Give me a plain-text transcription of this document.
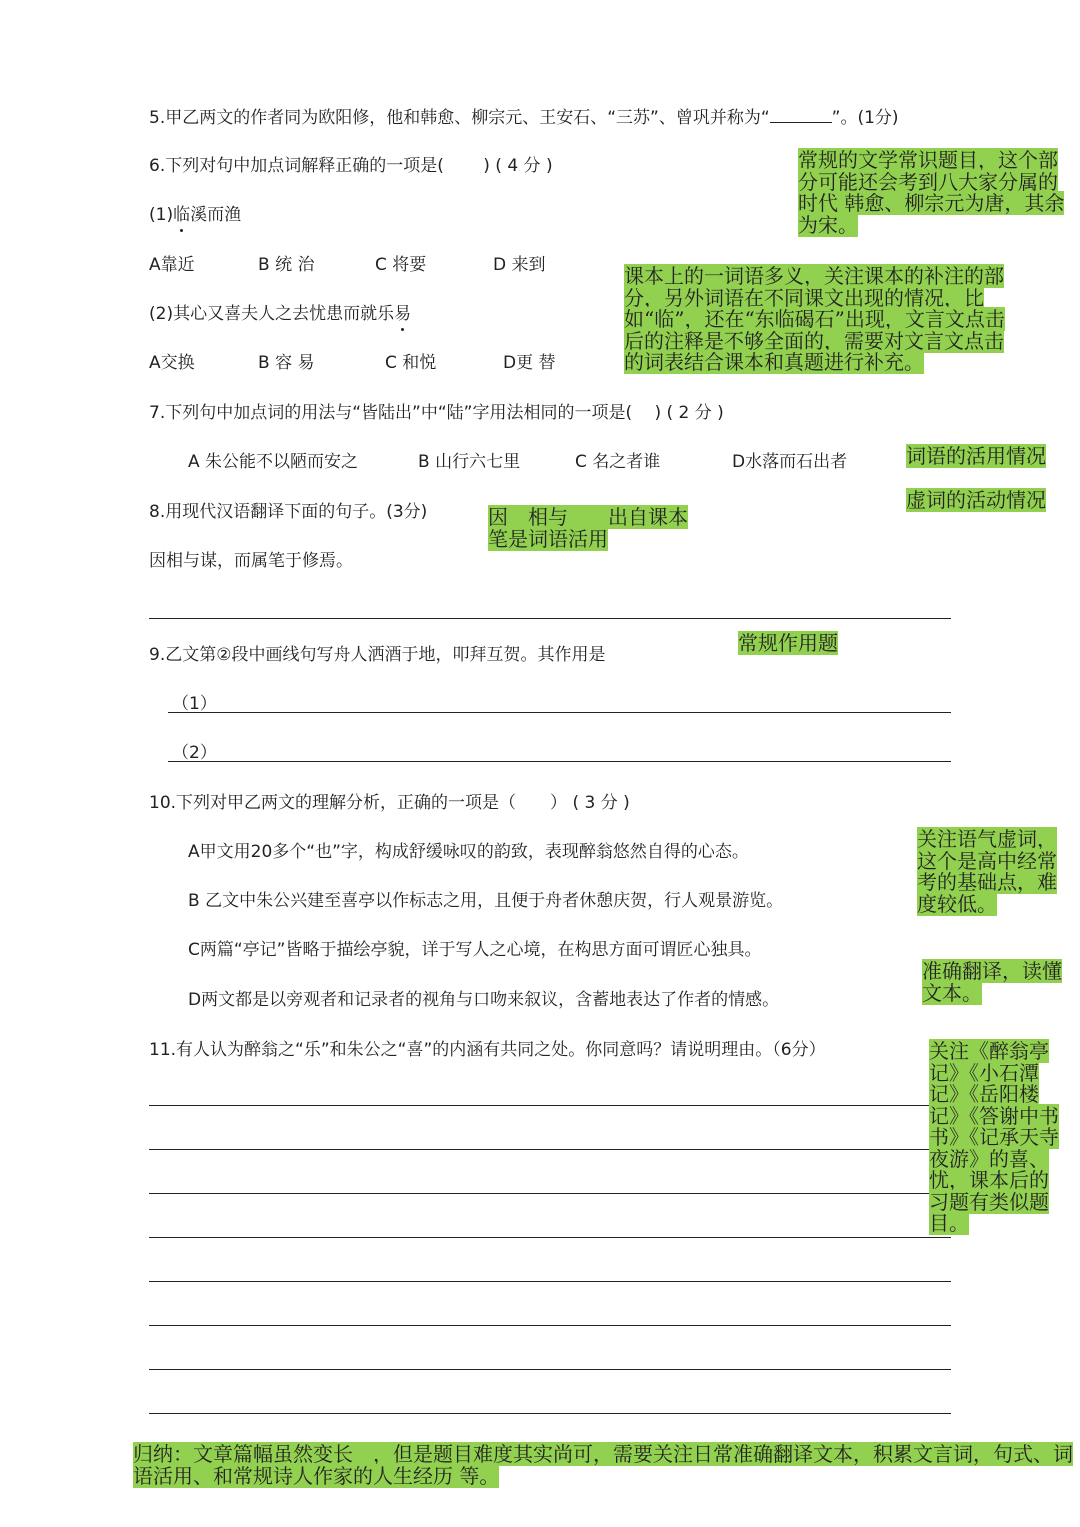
5.甲乙两文的作者同为欧阳修，他和韩愈、柳宗元、王安石、“三苏”、曾巩并称为“	”。(1分)
6.下列对句中加点词解释正确的一项是(　　 ) ( 4 分 )
(1)临溪而渔
A靠近	B 统 治	C 将要	D 来到
(2)其心又喜夫人之去忧患而就乐易
A交换	B 容 易	C 和悦	D更 替
7.下列句中加点词的用法与“皆陆出”中“陆”字用法相同的一项是(　 ) ( 2 分 )
A 朱公能不以陋而安之	B 山行六七里	C 名之者谁	D水落而石出者
8.用现代汉语翻译下面的句子。(3分)
因相与谋，而属笔于修焉。
9.乙文第②段中画线句写舟人洒酒于地，叩拜互贺。其作用是
（1）
（2）
10.下列对甲乙两文的理解分析，正确的一项是（　　） ( 3 分 )
A甲文用20多个“也”字，构成舒缓咏叹的韵致，表现醉翁悠然自得的心态。
B 乙文中朱公兴建至喜亭以作标志之用，且便于舟者休憩庆贺，行人观景游览。
C两篇“亭记”皆略于描绘亭貌，详于写人之心境，在构思方面可谓匠心独具。
D两文都是以旁观者和记录者的视角与口吻来叙议，含蓄地表达了作者的情感。
11.有人认为醉翁之“乐”和朱公之“喜”的内涵有共同之处。你同意吗？请说明理由。（6分）
常规的文学常识题目，这个部分可能还会考到八大家分属的时代 韩愈、柳宗元为唐，其余为宋。
课本上的一词语多义，关注课本的补注的部分，另外词语在不同课文出现的情况，比如“临”，还在“东临碣石”出现，文言文点击后的注释是不够全面的，需要对文言文点击的词表结合课本和真题进行补充。
词语的活用情况
虚词的活动情况
因　相与　　出自课本笔是词语活用
常规作用题
关注语气虚词，这个是高中经常考的基础点，难度较低。
准确翻译，读懂文本。
关注《醉翁亭记》《小石潭记》《岳阳楼记》《答谢中书书》《记承天寺夜游》的喜、忧，课本后的习题有类似题目。
归纳：文章篇幅虽然变长　，但是题目难度其实尚可，需要关注日常准确翻译文本，积累文言词，句式、词语活用、和常规诗人作家的人生经历 等。
